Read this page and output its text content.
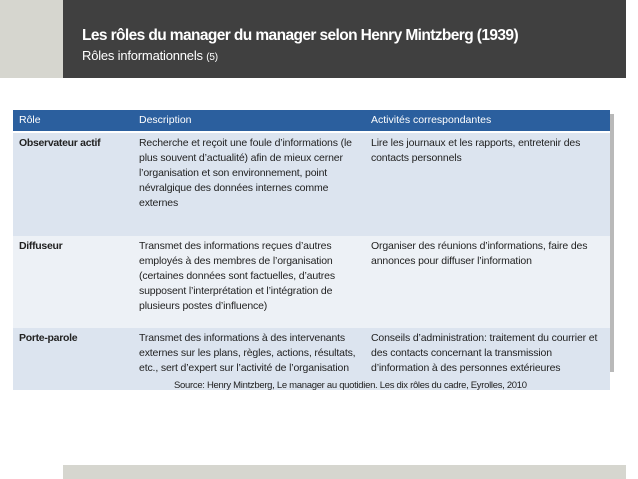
Les rôles du manager du manager selon Henry Mintzberg (1939)
Rôles informationnels (5)
Rôle	Description	Activités correspondantes
Observateur actif	Recherche et reçoit une foule d’informations (le plus souvent d’actualité) afin de mieux cerner l’organisation et son environnement, point névralgique des données internes comme externes	Lire les journaux et les rapports, entretenir des contacts personnels
Diffuseur	Transmet des informations reçues d’autres employés à des membres de l’organisation (certaines données sont factuelles, d’autres supposent l’interprétation et l’intégration de plusieurs postes d’influence)	Organiser des réunions d’informations, faire des annonces pour diffuser l’information
Porte-parole	Transmet des informations à des intervenants externes sur les plans, règles, actions, résultats, etc., sert d’expert sur l’activité de l’organisation	Conseils d’administration: traitement du courrier et des contacts concernant la transmission d’information à des personnes extérieures
Source: Henry Mintzberg, Le manager au quotidien. Les dix rôles du cadre, Eyrolles, 2010
